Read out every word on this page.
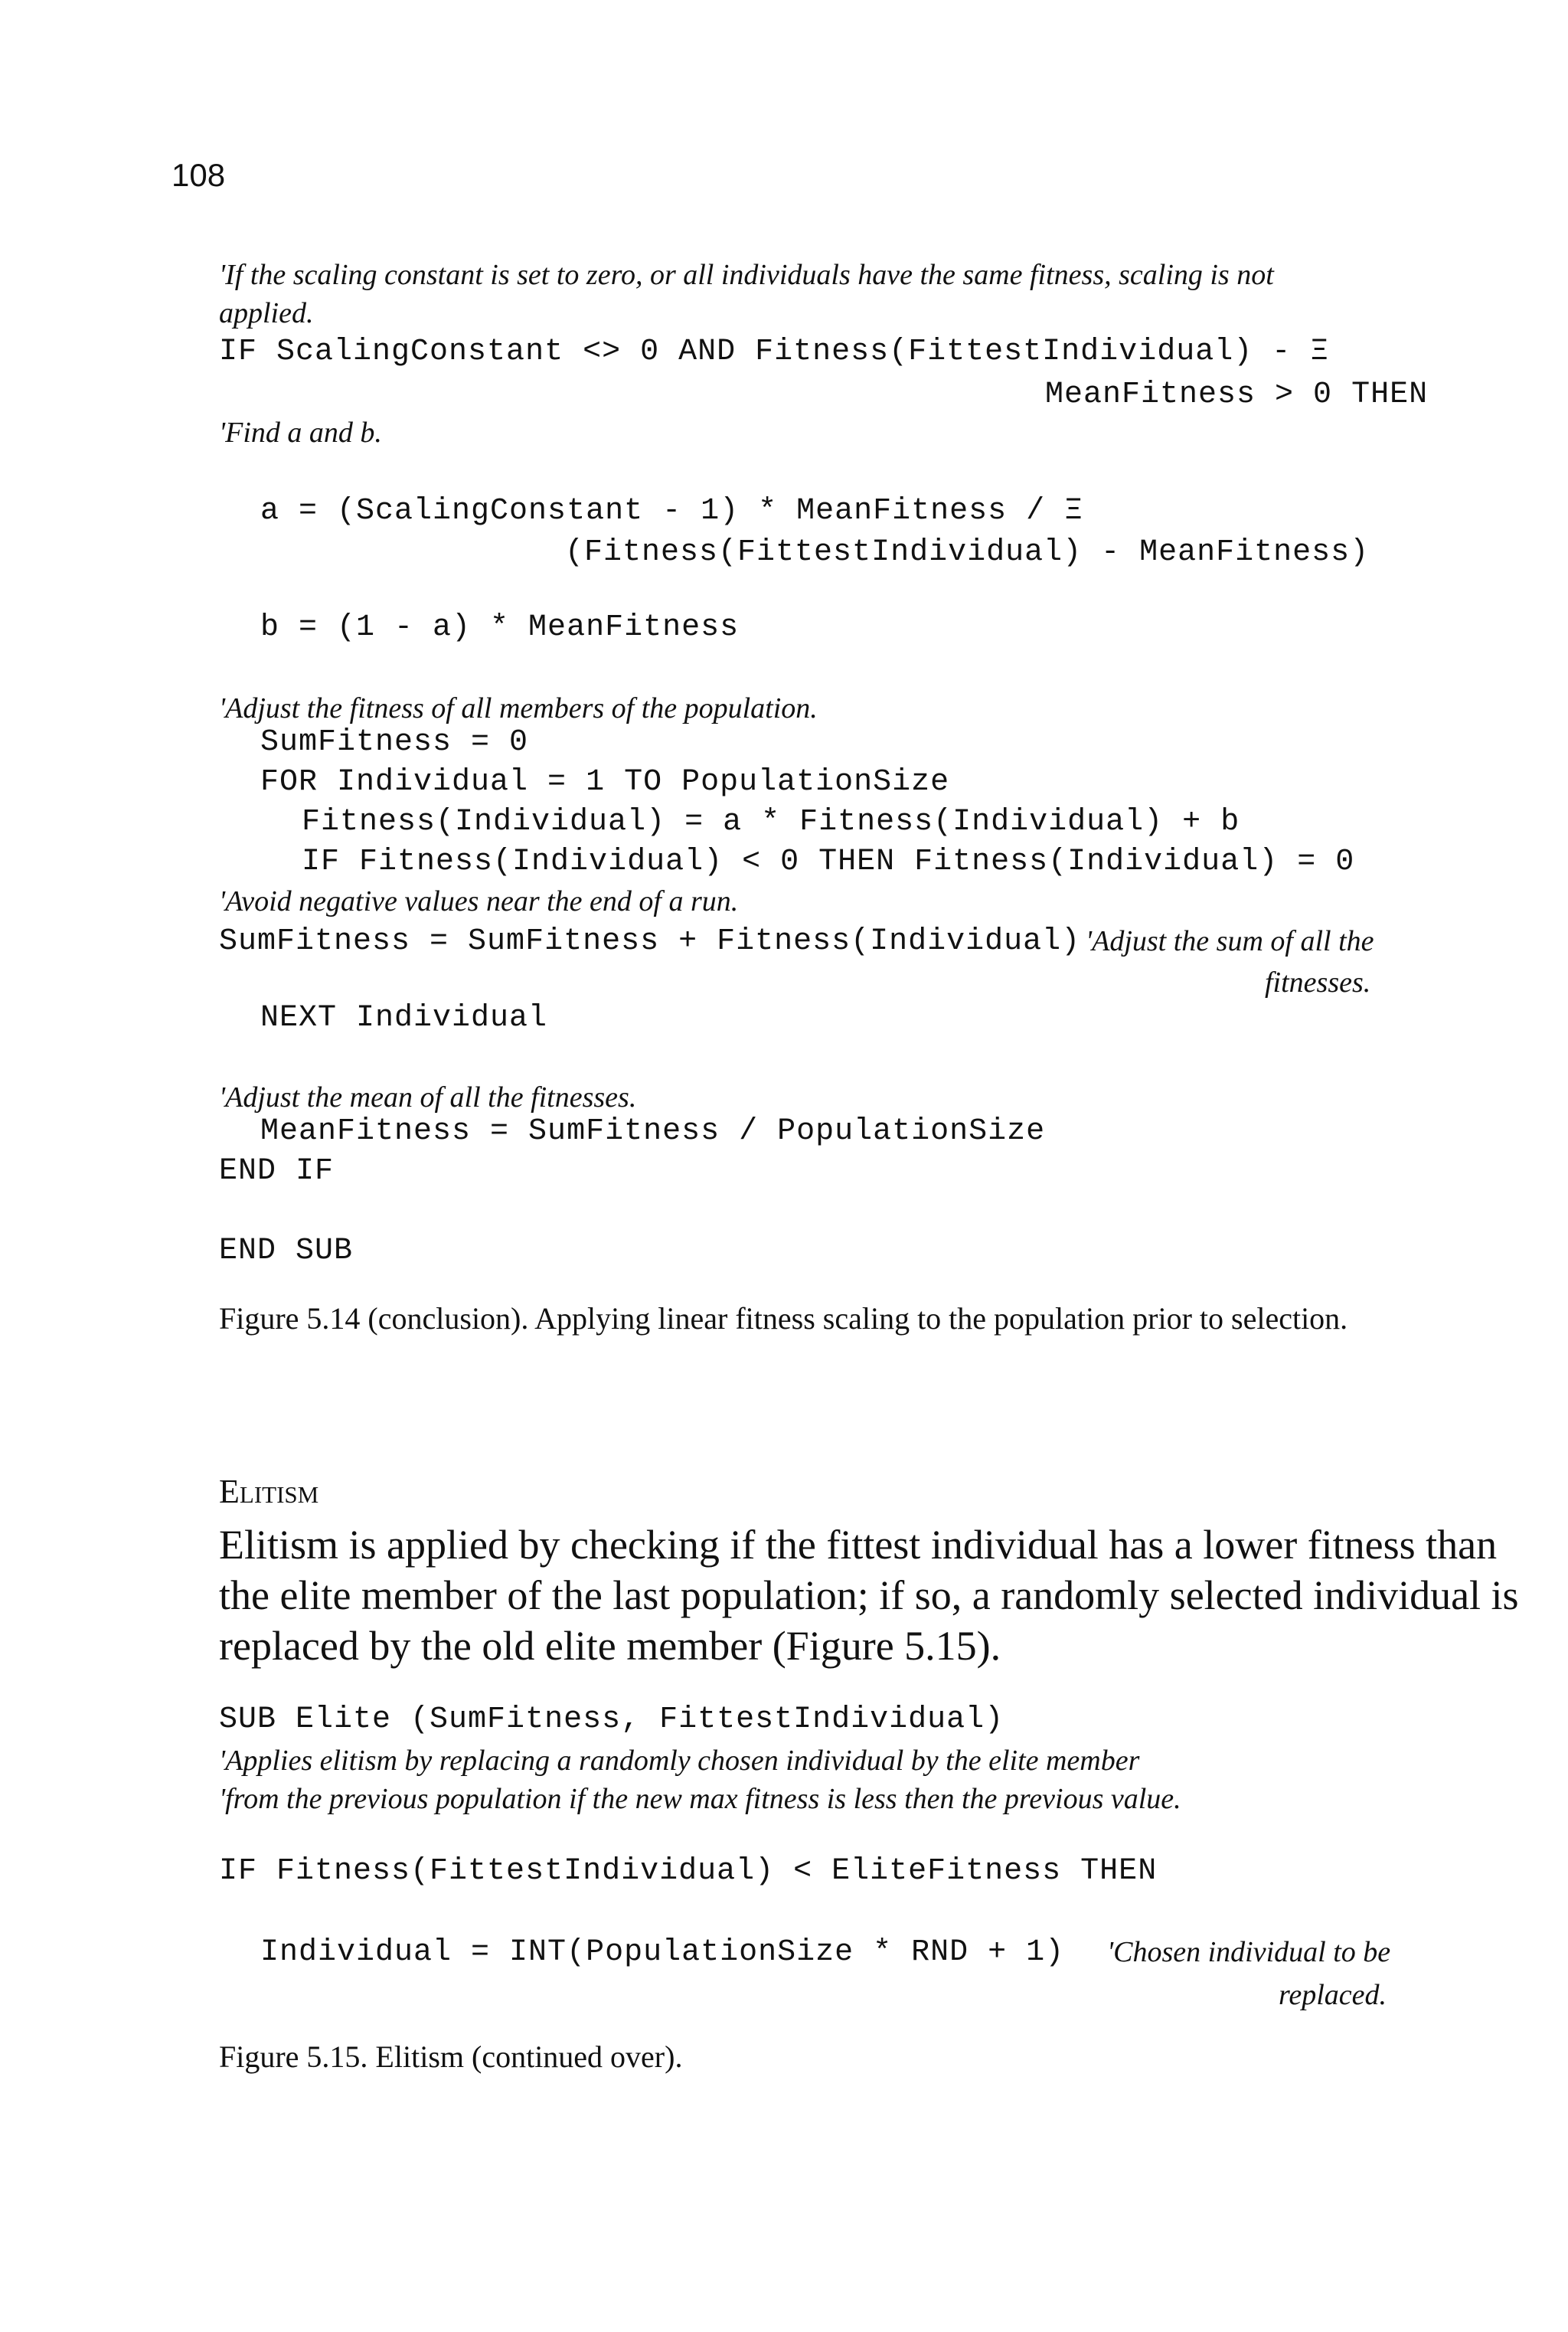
108
'If the scaling constant is set to zero, or all individuals have the same fitness, scaling is not
applied.
IF ScalingConstant <> 0 AND Fitness(FittestIndividual) - Ξ
MeanFitness > 0 THEN
'Find a and b.
a = (ScalingConstant - 1) * MeanFitness / Ξ
(Fitness(FittestIndividual) - MeanFitness)
b = (1 - a) * MeanFitness
'Adjust the fitness of all members of the population.
SumFitness = 0
FOR Individual = 1 TO PopulationSize
Fitness(Individual) = a * Fitness(Individual) + b
IF Fitness(Individual) < 0 THEN Fitness(Individual) = 0
'Avoid negative values near the end of a run.
SumFitness = SumFitness + Fitness(Individual) 'Adjust the sum of all the
fitnesses.
NEXT Individual
'Adjust the mean of all the fitnesses.
MeanFitness = SumFitness / PopulationSize
END IF
END SUB
Figure 5.14 (conclusion). Applying linear fitness scaling to the population prior to selection.
Elitism
Elitism is applied by checking if the fittest individual has a lower fitness than
the elite member of the last population; if so, a randomly selected individual is
replaced by the old elite member (Figure 5.15).
SUB Elite (SumFitness, FittestIndividual)
'Applies elitism by replacing a randomly chosen individual by the elite member
'from the previous population if the new max fitness is less then the previous value.
IF Fitness(FittestIndividual) < EliteFitness THEN
Individual = INT(PopulationSize * RND + 1) 'Chosen individual to be
replaced.
Figure 5.15. Elitism (continued over).
